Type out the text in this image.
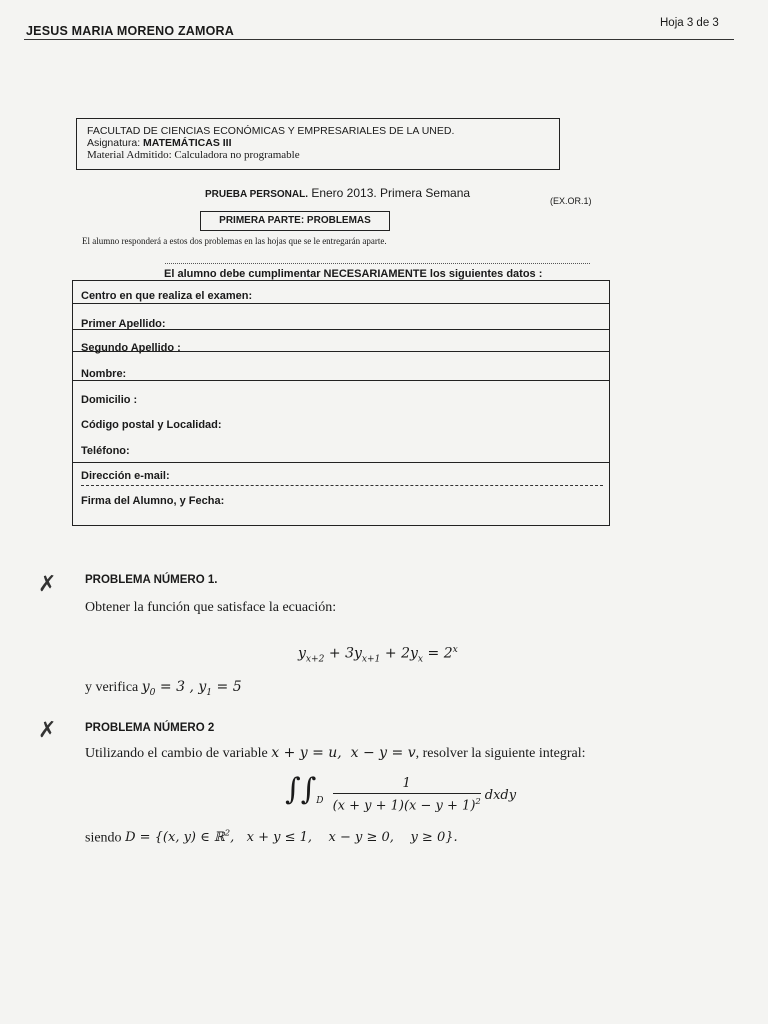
JESUS MARIA MORENO ZAMORA
Hoja 3 de 3
FACULTAD DE CIENCIAS ECONÓMICAS Y EMPRESARIALES DE LA UNED.
Asignatura: MATEMÁTICAS III
Material Admitido: Calculadora no programable
PRUEBA PERSONAL. Enero 2013. Primera Semana
(EX.OR.1)
PRIMERA PARTE: PROBLEMAS
El alumno responderá a estos dos problemas en las hojas que se le entregarán aparte.
El alumno debe cumplimentar NECESARIAMENTE los siguientes datos :
Centro en que realiza el examen:
Primer Apellido:
Segundo Apellido :
Nombre:
Domicilio :
Código postal y Localidad:
Teléfono:
Dirección e-mail:
Firma del Alumno, y Fecha:
✗ PROBLEMA NÚMERO 1.
Obtener la función que satisface la ecuación:
$y_{x+2} + 3y_{x+1} + 2y_x = 2^x$
y verifica $y_0 = 3$ , $y_1 = 5$
✗ PROBLEMA NÚMERO 2
Utilizando el cambio de variable x + y = u,  x − y = v, resolver la siguiente integral:
$\int\int_D \frac{1}{(x + y + 1)(x - y + 1)^2}$ dxdy
siendo D = {(x, y) ∈ ℝ$^2$,   x + y ≤ 1,    x − y ≥ 0,    y ≥ 0}.
